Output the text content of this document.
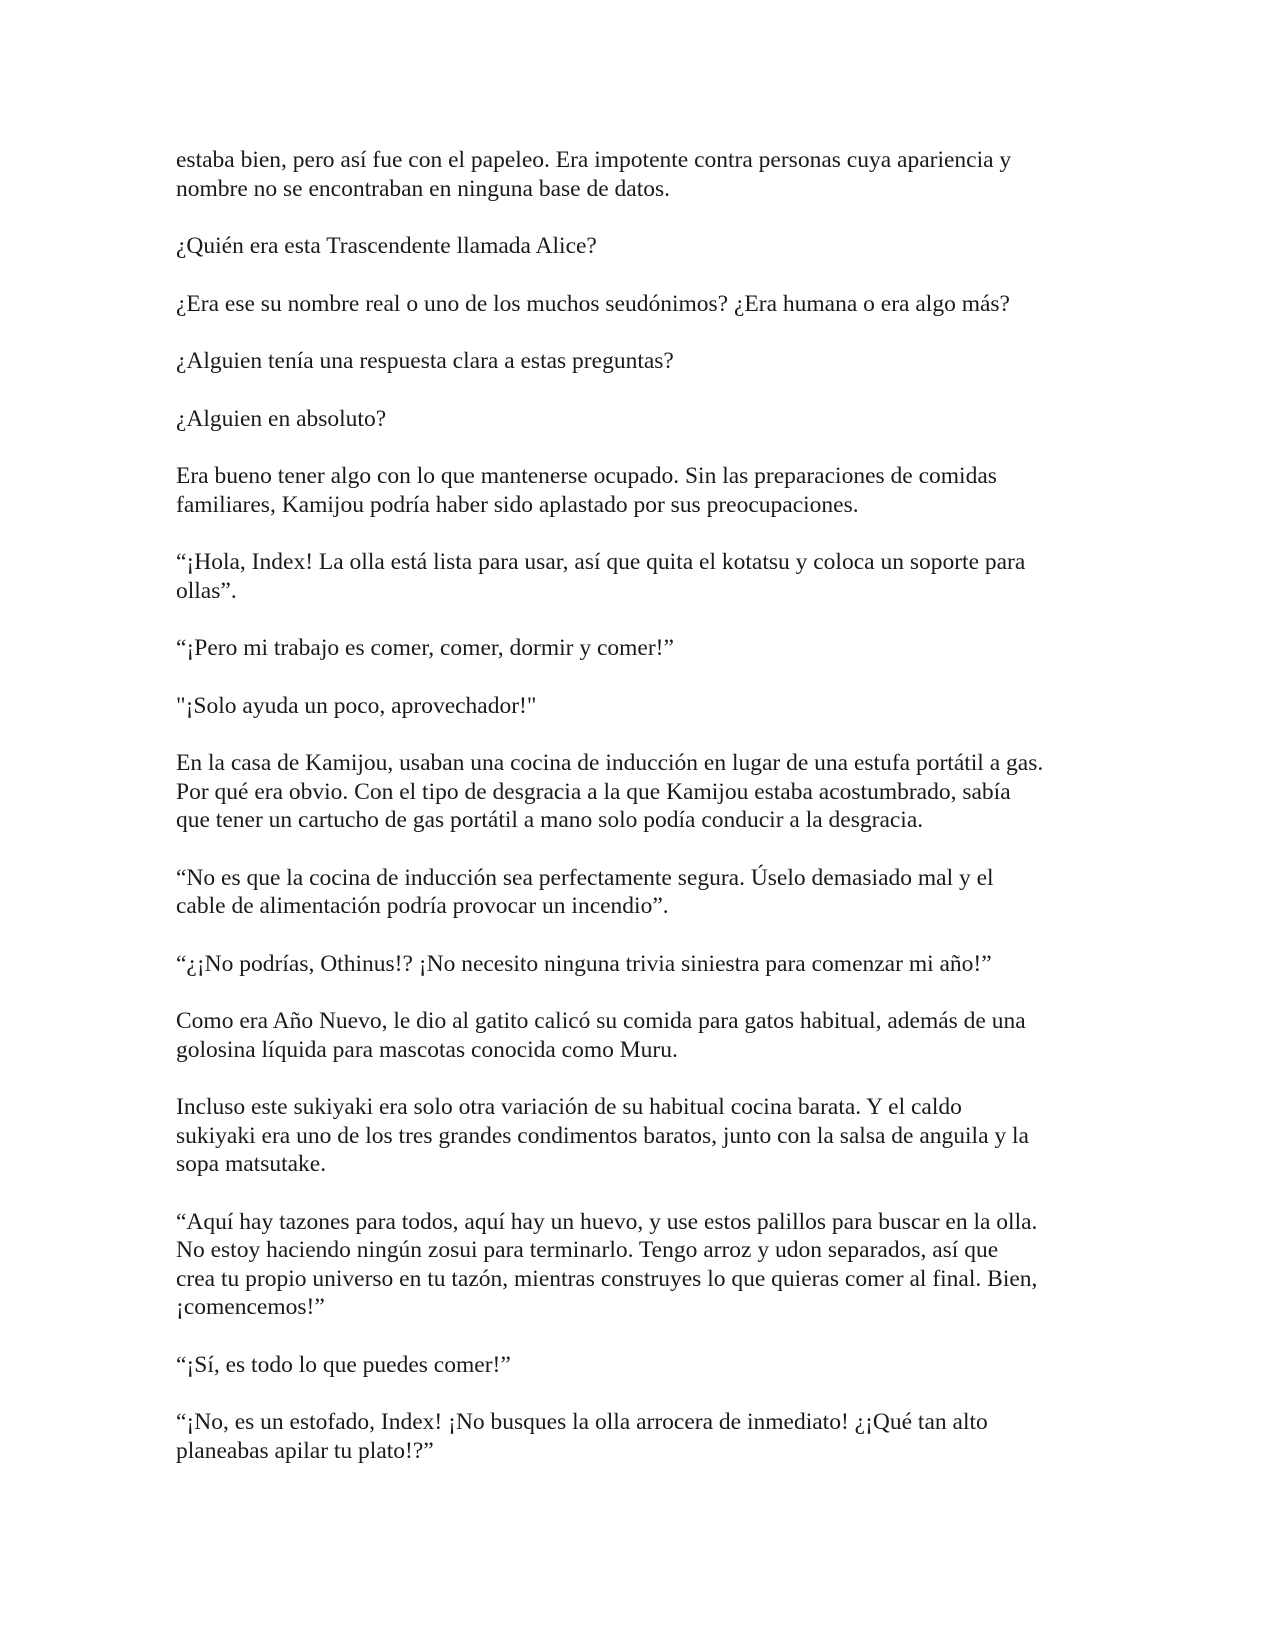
estaba bien, pero así fue con el papeleo. Era impotente contra personas cuya apariencia y
nombre no se encontraban en ninguna base de datos.

¿Quién era esta Trascendente llamada Alice?

¿Era ese su nombre real o uno de los muchos seudónimos? ¿Era humana o era algo más?

¿Alguien tenía una respuesta clara a estas preguntas?

¿Alguien en absoluto?

Era bueno tener algo con lo que mantenerse ocupado. Sin las preparaciones de comidas
familiares, Kamijou podría haber sido aplastado por sus preocupaciones.

“¡Hola, Index! La olla está lista para usar, así que quita el kotatsu y coloca un soporte para
ollas”.

“¡Pero mi trabajo es comer, comer, dormir y comer!”

"¡Solo ayuda un poco, aprovechador!"

En la casa de Kamijou, usaban una cocina de inducción en lugar de una estufa portátil a gas.
Por qué era obvio. Con el tipo de desgracia a la que Kamijou estaba acostumbrado, sabía
que tener un cartucho de gas portátil a mano solo podía conducir a la desgracia.

“No es que la cocina de inducción sea perfectamente segura. Úselo demasiado mal y el
cable de alimentación podría provocar un incendio”.

“¿¡No podrías, Othinus!? ¡No necesito ninguna trivia siniestra para comenzar mi año!”

Como era Año Nuevo, le dio al gatito calicó su comida para gatos habitual, además de una
golosina líquida para mascotas conocida como Muru.

Incluso este sukiyaki era solo otra variación de su habitual cocina barata. Y el caldo
sukiyaki era uno de los tres grandes condimentos baratos, junto con la salsa de anguila y la
sopa matsutake.

“Aquí hay tazones para todos, aquí hay un huevo, y use estos palillos para buscar en la olla.
No estoy haciendo ningún zosui para terminarlo. Tengo arroz y udon separados, así que
crea tu propio universo en tu tazón, mientras construyes lo que quieras comer al final. Bien,
¡comencemos!”

“¡Sí, es todo lo que puedes comer!”

“¡No, es un estofado, Index! ¡No busques la olla arrocera de inmediato! ¿¡Qué tan alto
planeabas apilar tu plato!?”
